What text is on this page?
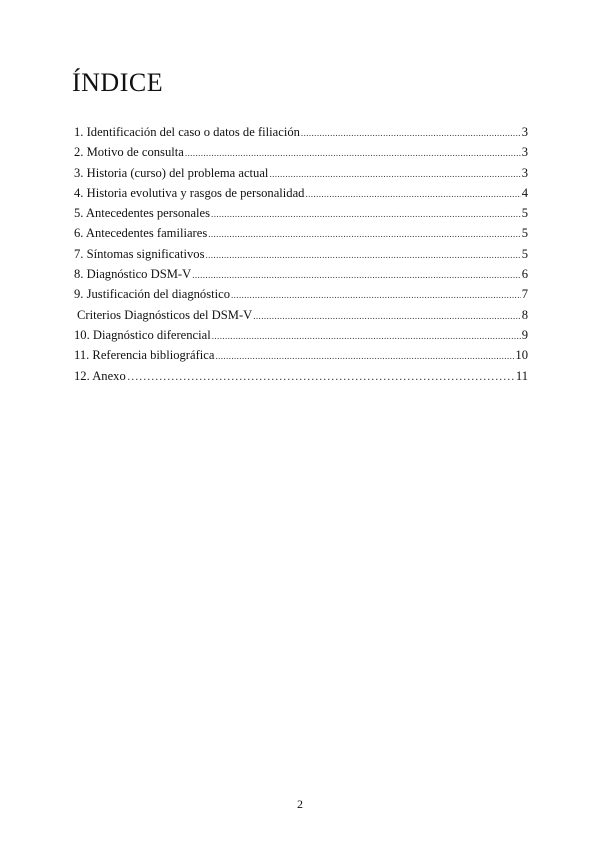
ÍNDICE
1. Identificación del caso o datos de filiación .....	3
2. Motivo de consulta .....	3
3. Historia (curso) del problema actual .....	3
4. Historia evolutiva y rasgos de personalidad .....	4
5. Antecedentes personales .....	5
6. Antecedentes familiares .....	5
7. Síntomas significativos .....	5
8. Diagnóstico DSM-V .....	6
9. Justificación del diagnóstico .....	7
Criterios Diagnósticos del DSM-V .....	8
10. Diagnóstico diferencial .....	9
11. Referencia bibliográfica .....	10
12. Anexo ……………………………………………………………………………………………………………………………………	11
2
